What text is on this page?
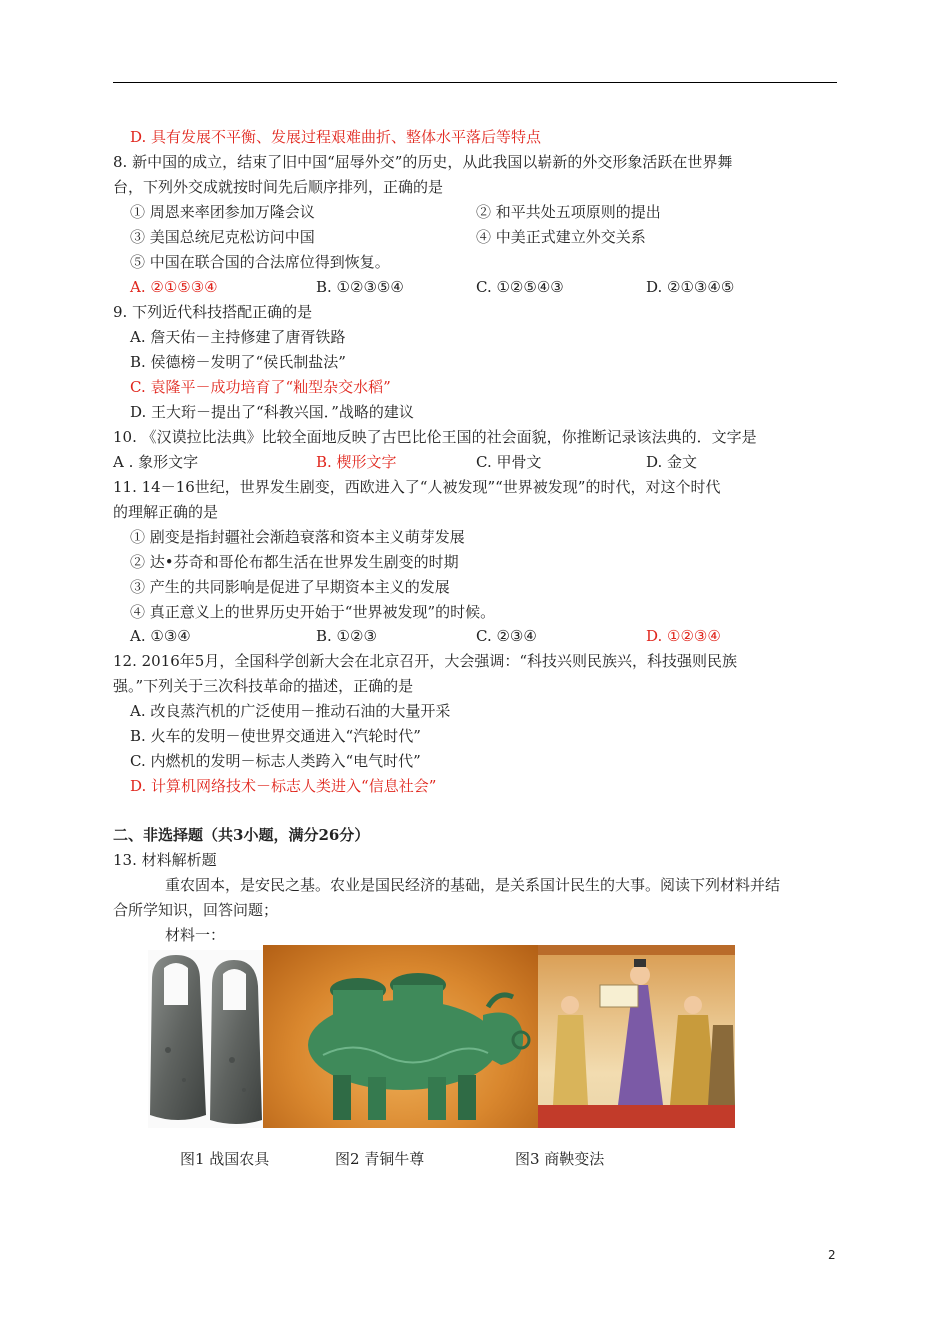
D. 具有发展不平衡、发展过程艰难曲折、整体水平落后等特点
8. 新中国的成立，结束了旧中国“屈辱外交”的历史，从此我国以崭新的外交形象活跃在世界舞
台，下列外交成就按时间先后顺序排列，正确的是
① 周恩来率团参加万隆会议	② 和平共处五项原则的提出
③ 美国总统尼克松访问中国	④ 中美正式建立外交关系
⑤ 中国在联合国的合法席位得到恢复。
A. ②①⑤③④	B. ①②③⑤④	C. ①②⑤④③	D. ②①③④⑤
9. 下列近代科技搭配正确的是
A. 詹天佑－主持修建了唐胥铁路
B. 侯德榜－发明了“侯氏制盐法”
C. 袁隆平－成功培育了“籼型杂交水稻”
D. 王大珩－提出了“科教兴国．”战略的建议
10. 《汉谟拉比法典》比较全面地反映了古巴比伦王国的社会面貌，你推断记录该法典的．文字是
A . 象形文字	B. 楔形文字	C. 甲骨文	D. 金文
11. 14－16世纪，世界发生剧变，西欧进入了“人被发现”“世界被发现”的时代，对这个时代
的理解正确的是
① 剧变是指封疆社会渐趋衰落和资本主义萌芽发展
② 达•芬奇和哥伦布都生活在世界发生剧变的时期
③ 产生的共同影响是促进了早期资本主义的发展
④ 真正意义上的世界历史开始于“世界被发现”的时候。
A. ①③④	B. ①②③	C. ②③④	D. ①②③④
12. 2016年5月，全国科学创新大会在北京召开，大会强调：“科技兴则民族兴，科技强则民族
强。”下列关于三次科技革命的描述，正确的是
A. 改良蒸汽机的广泛使用－推动石油的大量开采
B. 火车的发明－使世界交通进入“汽轮时代”
C. 内燃机的发明－标志人类跨入“电气时代”
D. 计算机网络技术－标志人类进入“信息社会”
二、非选择题（共3小题，满分26分）
13. 材料解析题
重农固本，是安民之基。农业是国民经济的基础，是关系国计民生的大事。阅读下列材料并结
合所学知识，回答问题；
材料一：
图1 战国农具	图2 青铜牛尊	图3 商鞅变法
2
